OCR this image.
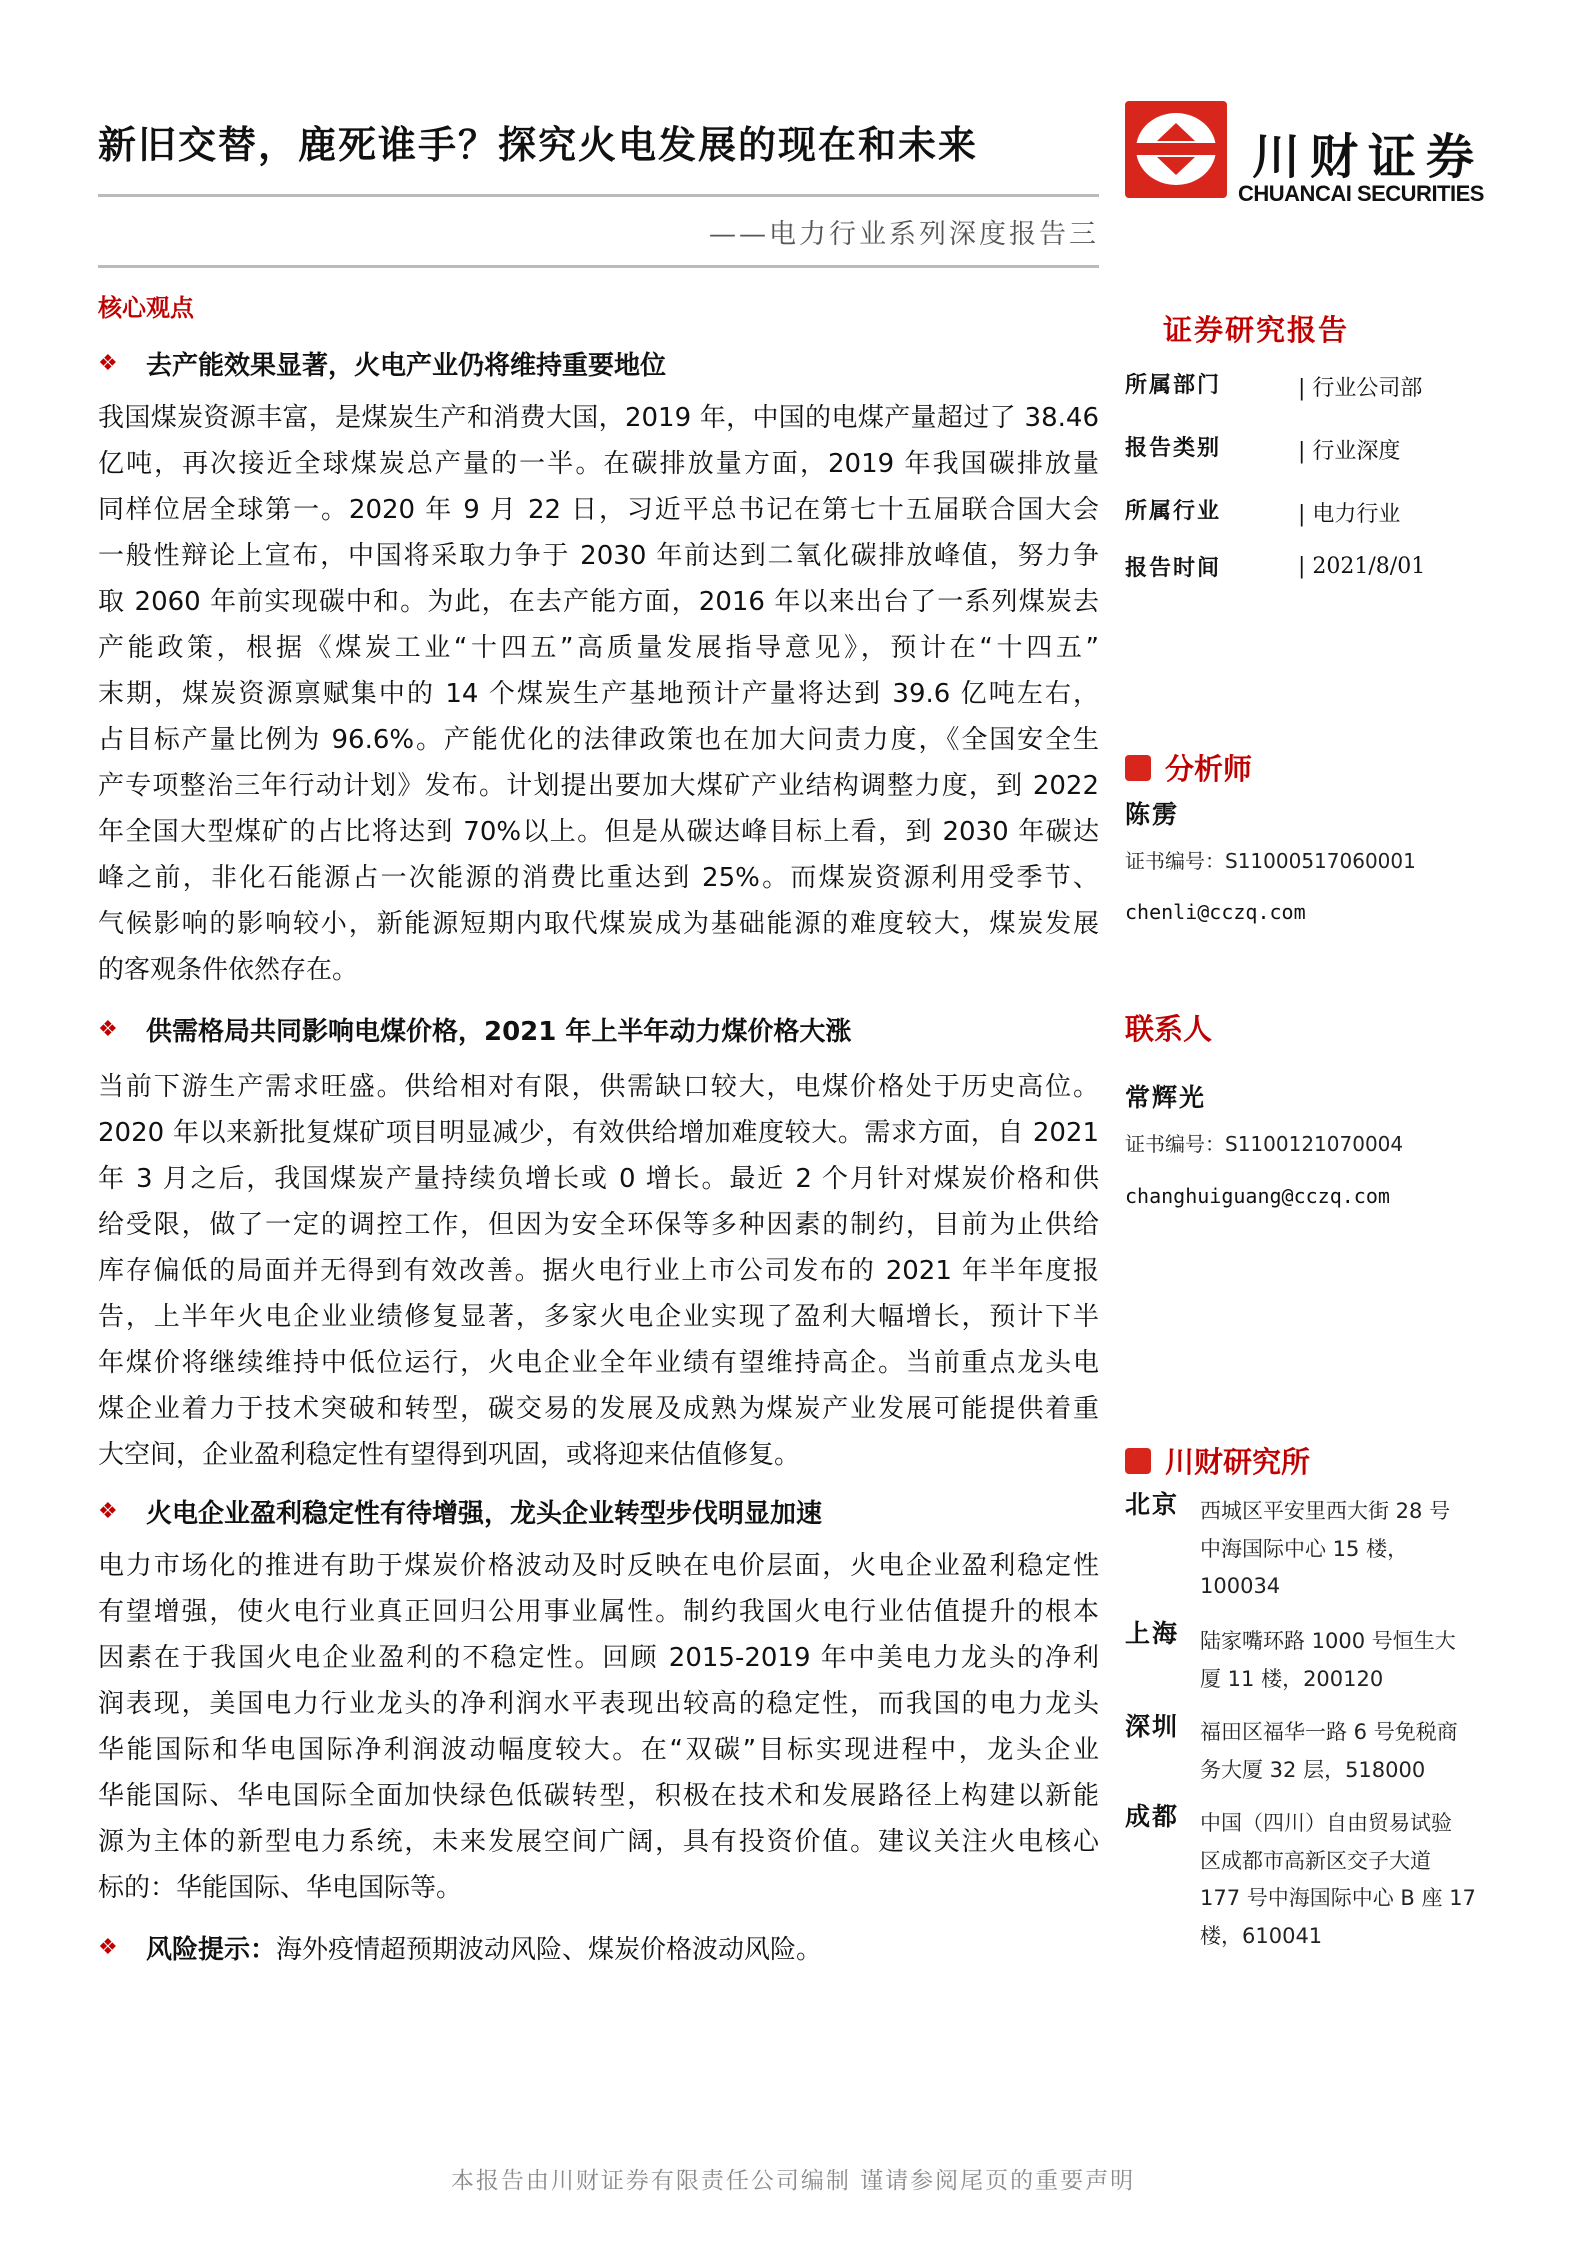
新旧交替，鹿死谁手？探究火电发展的现在和未来
——电力行业系列深度报告三
川财证券
CHUANCAI SECURITIES
核心观点
❖	去产能效果显著，火电产业仍将维持重要地位
我国煤炭资源丰富，是煤炭生产和消费大国，2019 年，中国的电煤产量超过了 38.46
亿吨，再次接近全球煤炭总产量的一半。在碳排放量方面，2019 年我国碳排放量
同样位居全球第一。2020 年 9 月 22 日，习近平总书记在第七十五届联合国大会
一般性辩论上宣布，中国将采取力争于 2030 年前达到二氧化碳排放峰值，努力争
取 2060 年前实现碳中和。为此，在去产能方面，2016 年以来出台了一系列煤炭去
产能政策，根据《煤炭工业“十四五”高质量发展指导意见》，预计在“十四五”
末期，煤炭资源禀赋集中的 14 个煤炭生产基地预计产量将达到 39.6 亿吨左右，
占目标产量比例为 96.6%。产能优化的法律政策也在加大问责力度，《全国安全生
产专项整治三年行动计划》发布。计划提出要加大煤矿产业结构调整力度，到 2022
年全国大型煤矿的占比将达到 70%以上。但是从碳达峰目标上看，到 2030 年碳达
峰之前，非化石能源占一次能源的消费比重达到 25%。而煤炭资源利用受季节、
气候影响的影响较小，新能源短期内取代煤炭成为基础能源的难度较大，煤炭发展
的客观条件依然存在。
❖	供需格局共同影响电煤价格，2021 年上半年动力煤价格大涨
当前下游生产需求旺盛。供给相对有限，供需缺口较大，电煤价格处于历史高位。
2020 年以来新批复煤矿项目明显减少，有效供给增加难度较大。需求方面，自 2021
年 3 月之后，我国煤炭产量持续负增长或 0 增长。最近 2 个月针对煤炭价格和供
给受限，做了一定的调控工作，但因为安全环保等多种因素的制约，目前为止供给
库存偏低的局面并无得到有效改善。据火电行业上市公司发布的 2021 年半年度报
告，上半年火电企业业绩修复显著，多家火电企业实现了盈利大幅增长，预计下半
年煤价将继续维持中低位运行，火电企业全年业绩有望维持高企。当前重点龙头电
煤企业着力于技术突破和转型，碳交易的发展及成熟为煤炭产业发展可能提供着重
大空间，企业盈利稳定性有望得到巩固，或将迎来估值修复。
❖	火电企业盈利稳定性有待增强，龙头企业转型步伐明显加速
电力市场化的推进有助于煤炭价格波动及时反映在电价层面，火电企业盈利稳定性
有望增强，使火电行业真正回归公用事业属性。制约我国火电行业估值提升的根本
因素在于我国火电企业盈利的不稳定性。回顾 2015-2019 年中美电力龙头的净利
润表现，美国电力行业龙头的净利润水平表现出较高的稳定性，而我国的电力龙头
华能国际和华电国际净利润波动幅度较大。在“双碳”目标实现进程中，龙头企业
华能国际、华电国际全面加快绿色低碳转型，积极在技术和发展路径上构建以新能
源为主体的新型电力系统，未来发展空间广阔，具有投资价值。建议关注火电核心
标的：华能国际、华电国际等。
❖	风险提示： 海外疫情超预期波动风险、煤炭价格波动风险。
证券研究报告
所属部门	| 行业公司部
报告类别	| 行业深度
所属行业	| 电力行业
报告时间	| 2021/8/01
分析师
陈雳
证书编号：S1100051706000​1
chenli@cczq.com
联系人
常辉光
证书编号：S1100121070004
changhuiguang@cczq.com
川财研究所
北京 西城区平安里西大街 28 号
中海国际中心 15 楼，
100034
上海 陆家嘴环路 1000 号恒生大
厦 11 楼，200120
深圳 福田区福华一路 6 号免税商
务大厦 32 层，518000
成都 中国（四川）自由贸易试验
区成都市高新区交子大道
177 号中海国际中心 B 座 17
楼，610041
本报告由川财证券有限责任公司编制 谨请参阅尾页的重要声明
